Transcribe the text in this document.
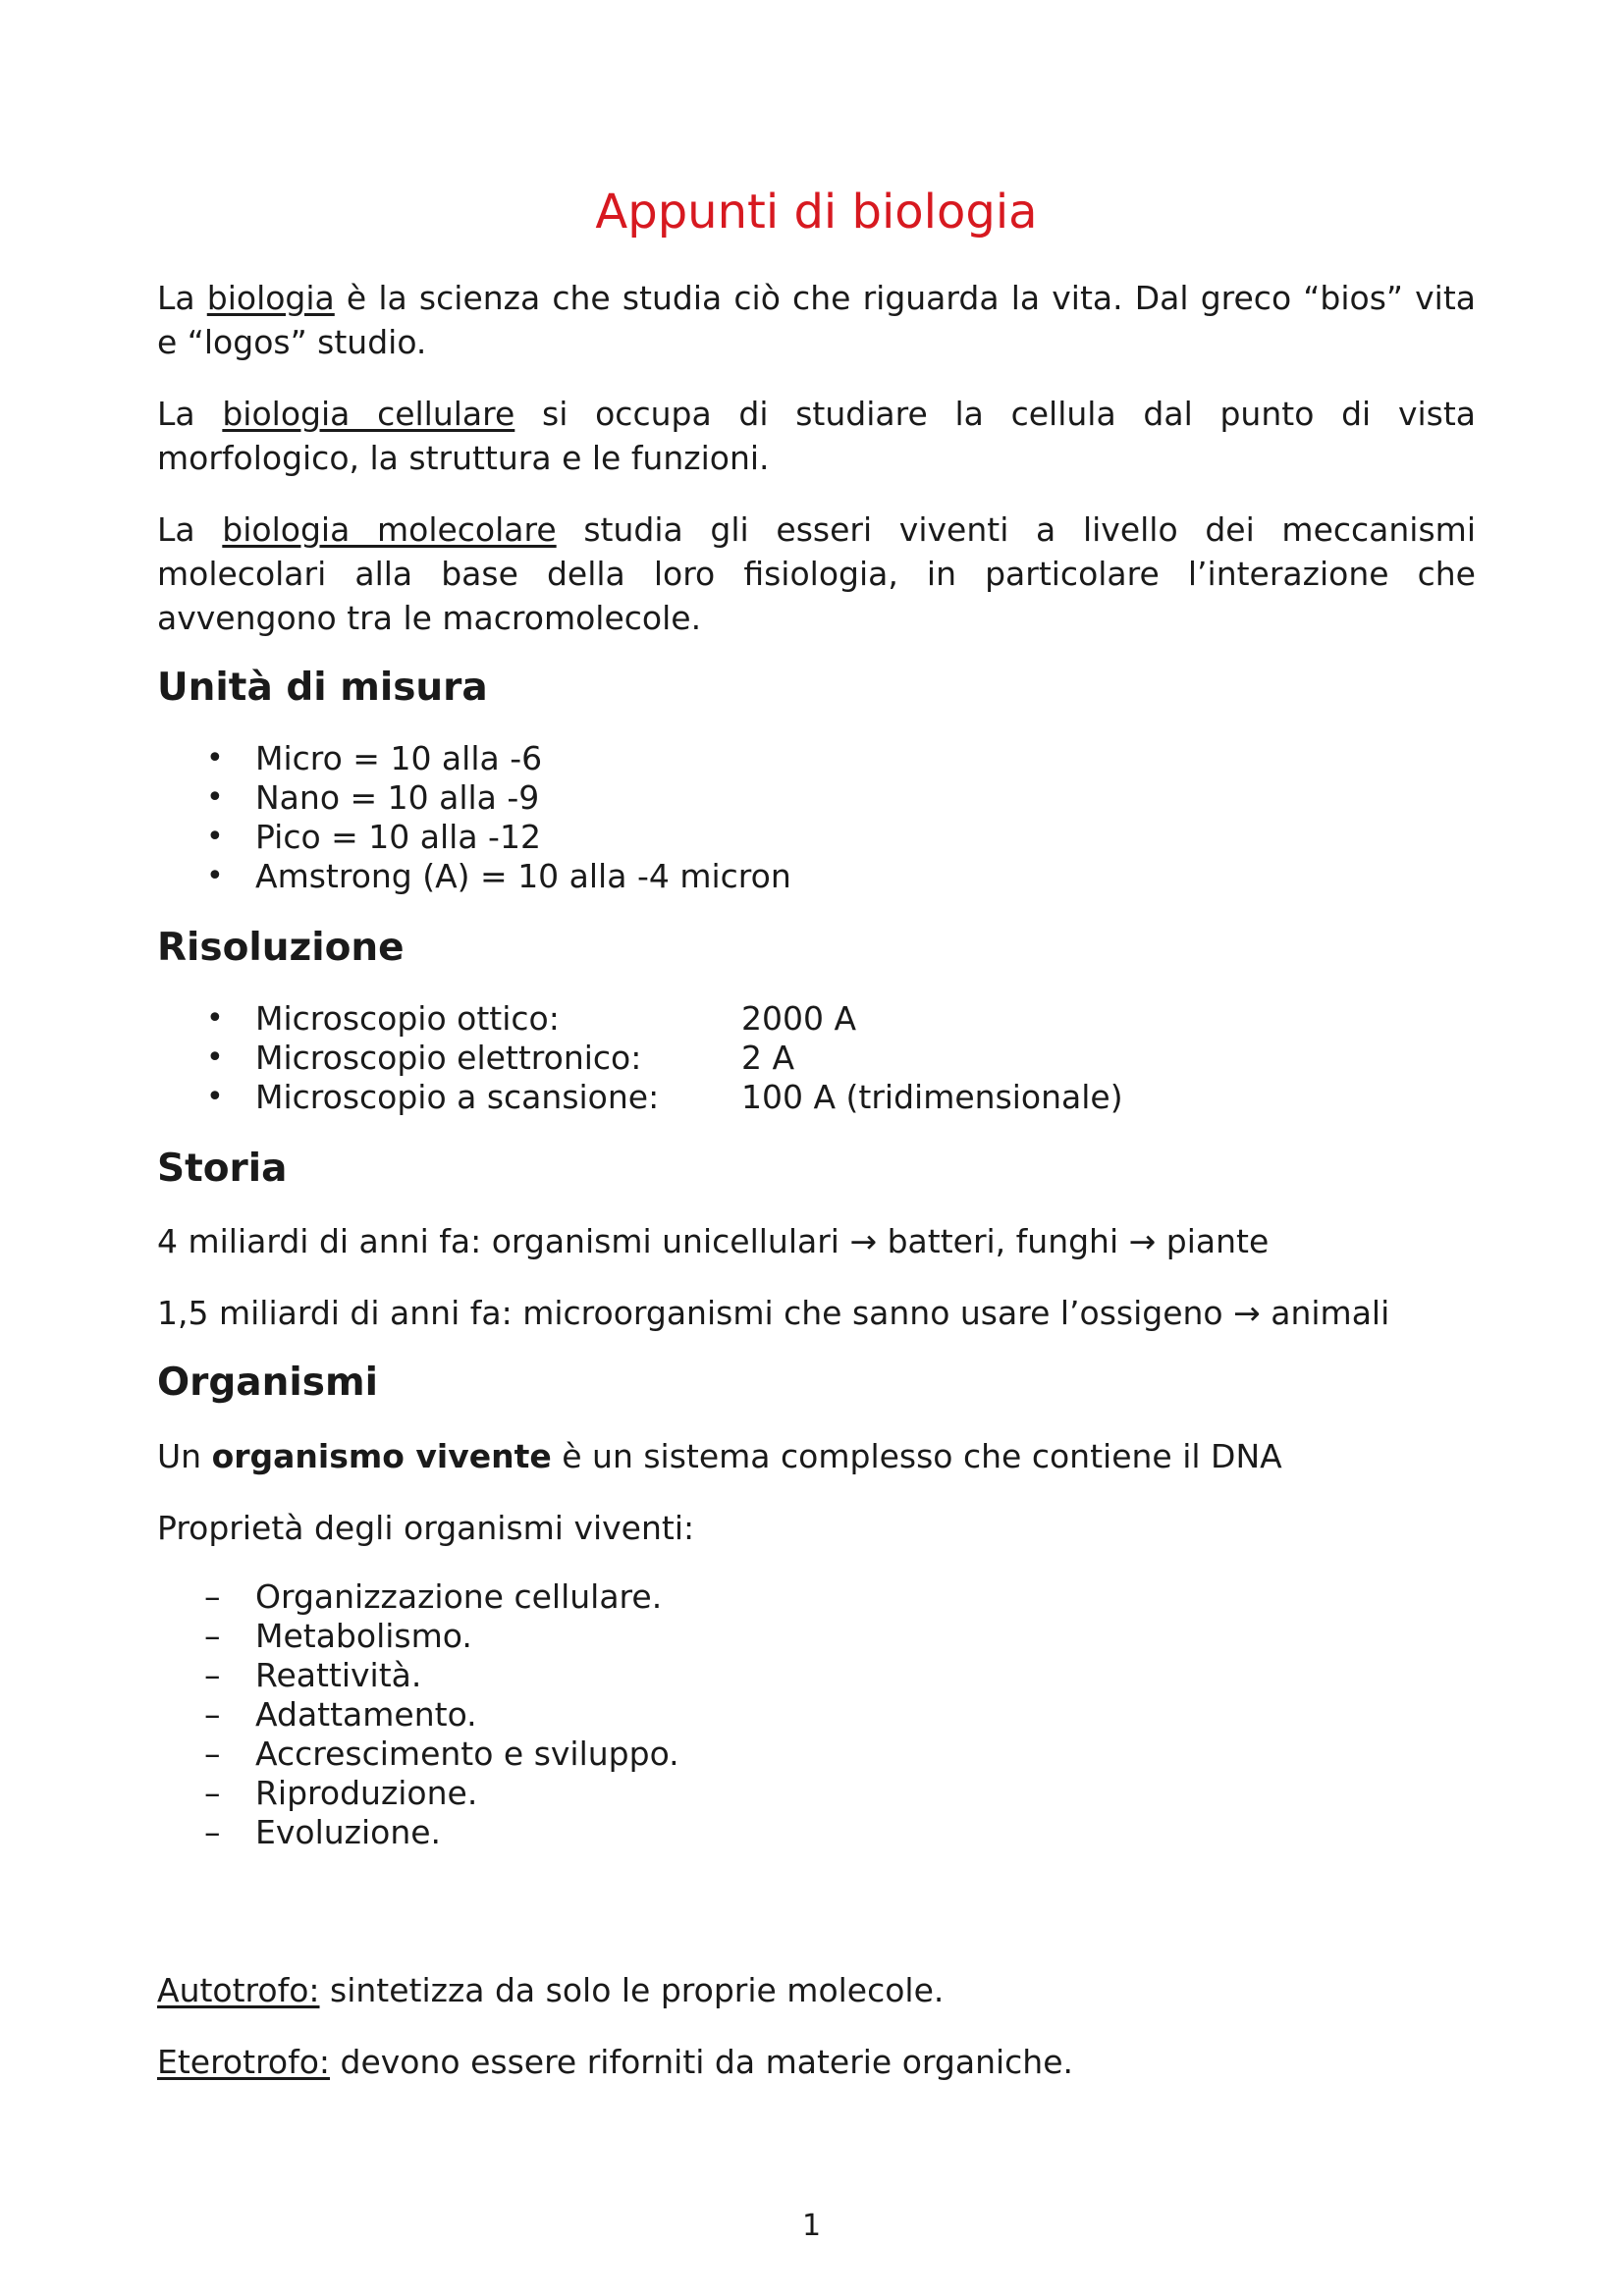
Appunti di biologia

La biologia è la scienza che studia ciò che riguarda la vita. Dal greco “bios” vita e “logos” studio.

La biologia cellulare si occupa di studiare la cellula dal punto di vista morfologico, la struttura e le funzioni.

La biologia molecolare studia gli esseri viventi a livello dei meccanismi molecolari alla base della loro fisiologia, in particolare l’interazione che avvengono tra le macromolecole.

Unità di misura
• Micro = 10 alla -6
• Nano = 10 alla -9
• Pico = 10 alla -12
• Amstrong (A) = 10 alla -4 micron
Risoluzione
• Microscopio ottico:	2000 A
• Microscopio elettronico:	2 A
• Microscopio a scansione:	100 A (tridimensionale)
Storia

4 miliardi di anni fa: organismi unicellulari → batteri, funghi → piante

1,5 miliardi di anni fa: microorganismi che sanno usare l’ossigeno → animali

Organismi

Un organismo vivente è un sistema complesso che contiene il DNA

Proprietà degli organismi viventi:

– Organizzazione cellulare.
– Metabolismo.
– Reattività.
– Adattamento.
– Accrescimento e sviluppo.
– Riproduzione.
– Evoluzione.

Autotrofo: sintetizza da solo le proprie molecole.

Eterotrofo: devono essere riforniti da materie organiche.

1
